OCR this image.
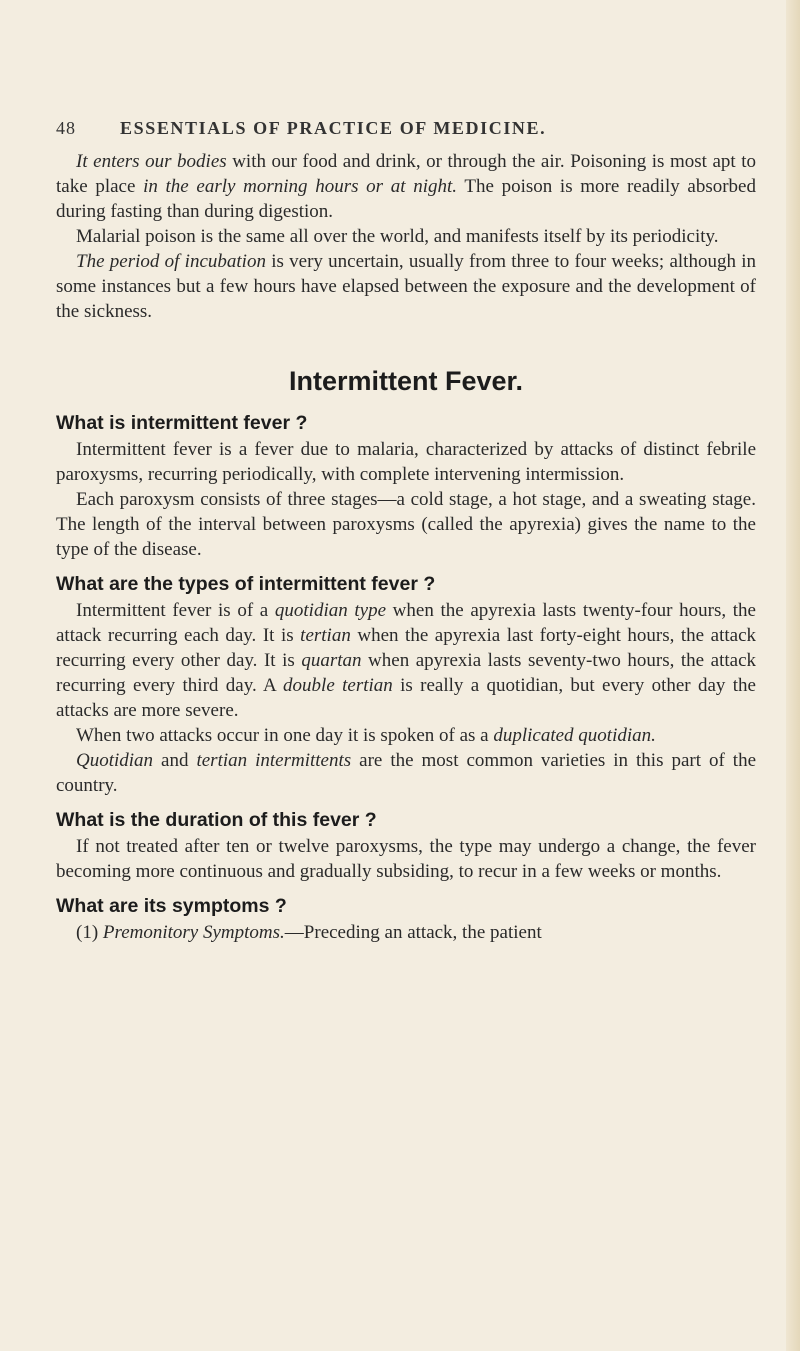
48	ESSENTIALS OF PRACTICE OF MEDICINE.

It enters our bodies with our food and drink, or through the air. Poisoning is most apt to take place in the early morning hours or at night. The poison is more readily absorbed during fasting than during digestion.

Malarial poison is the same all over the world, and manifests itself by its periodicity.

The period of incubation is very uncertain, usually from three to four weeks; although in some instances but a few hours have elapsed between the exposure and the development of the sickness.

Intermittent Fever.
What is intermittent fever ?

Intermittent fever is a fever due to malaria, characterized by attacks of distinct febrile paroxysms, recurring periodically, with complete intervening intermission.

Each paroxysm consists of three stages—a cold stage, a hot stage, and a sweating stage. The length of the interval between paroxysms (called the apyrexia) gives the name to the type of the disease.

What are the types of intermittent fever ?

Intermittent fever is of a quotidian type when the apyrexia lasts twenty-four hours, the attack recurring each day. It is tertian when the apyrexia last forty-eight hours, the attack recurring every other day. It is quartan when apyrexia lasts seventy-two hours, the attack recurring every third day. A double tertian is really a quotidian, but every other day the attacks are more severe.

When two attacks occur in one day it is spoken of as a duplicated quotidian.

Quotidian and tertian intermittents are the most common varieties in this part of the country.

What is the duration of this fever ?

If not treated after ten or twelve paroxysms, the type may undergo a change, the fever becoming more continuous and gradually subsiding, to recur in a few weeks or months.

What are its symptoms ?

(1) Premonitory Symptoms.—Preceding an attack, the patient
